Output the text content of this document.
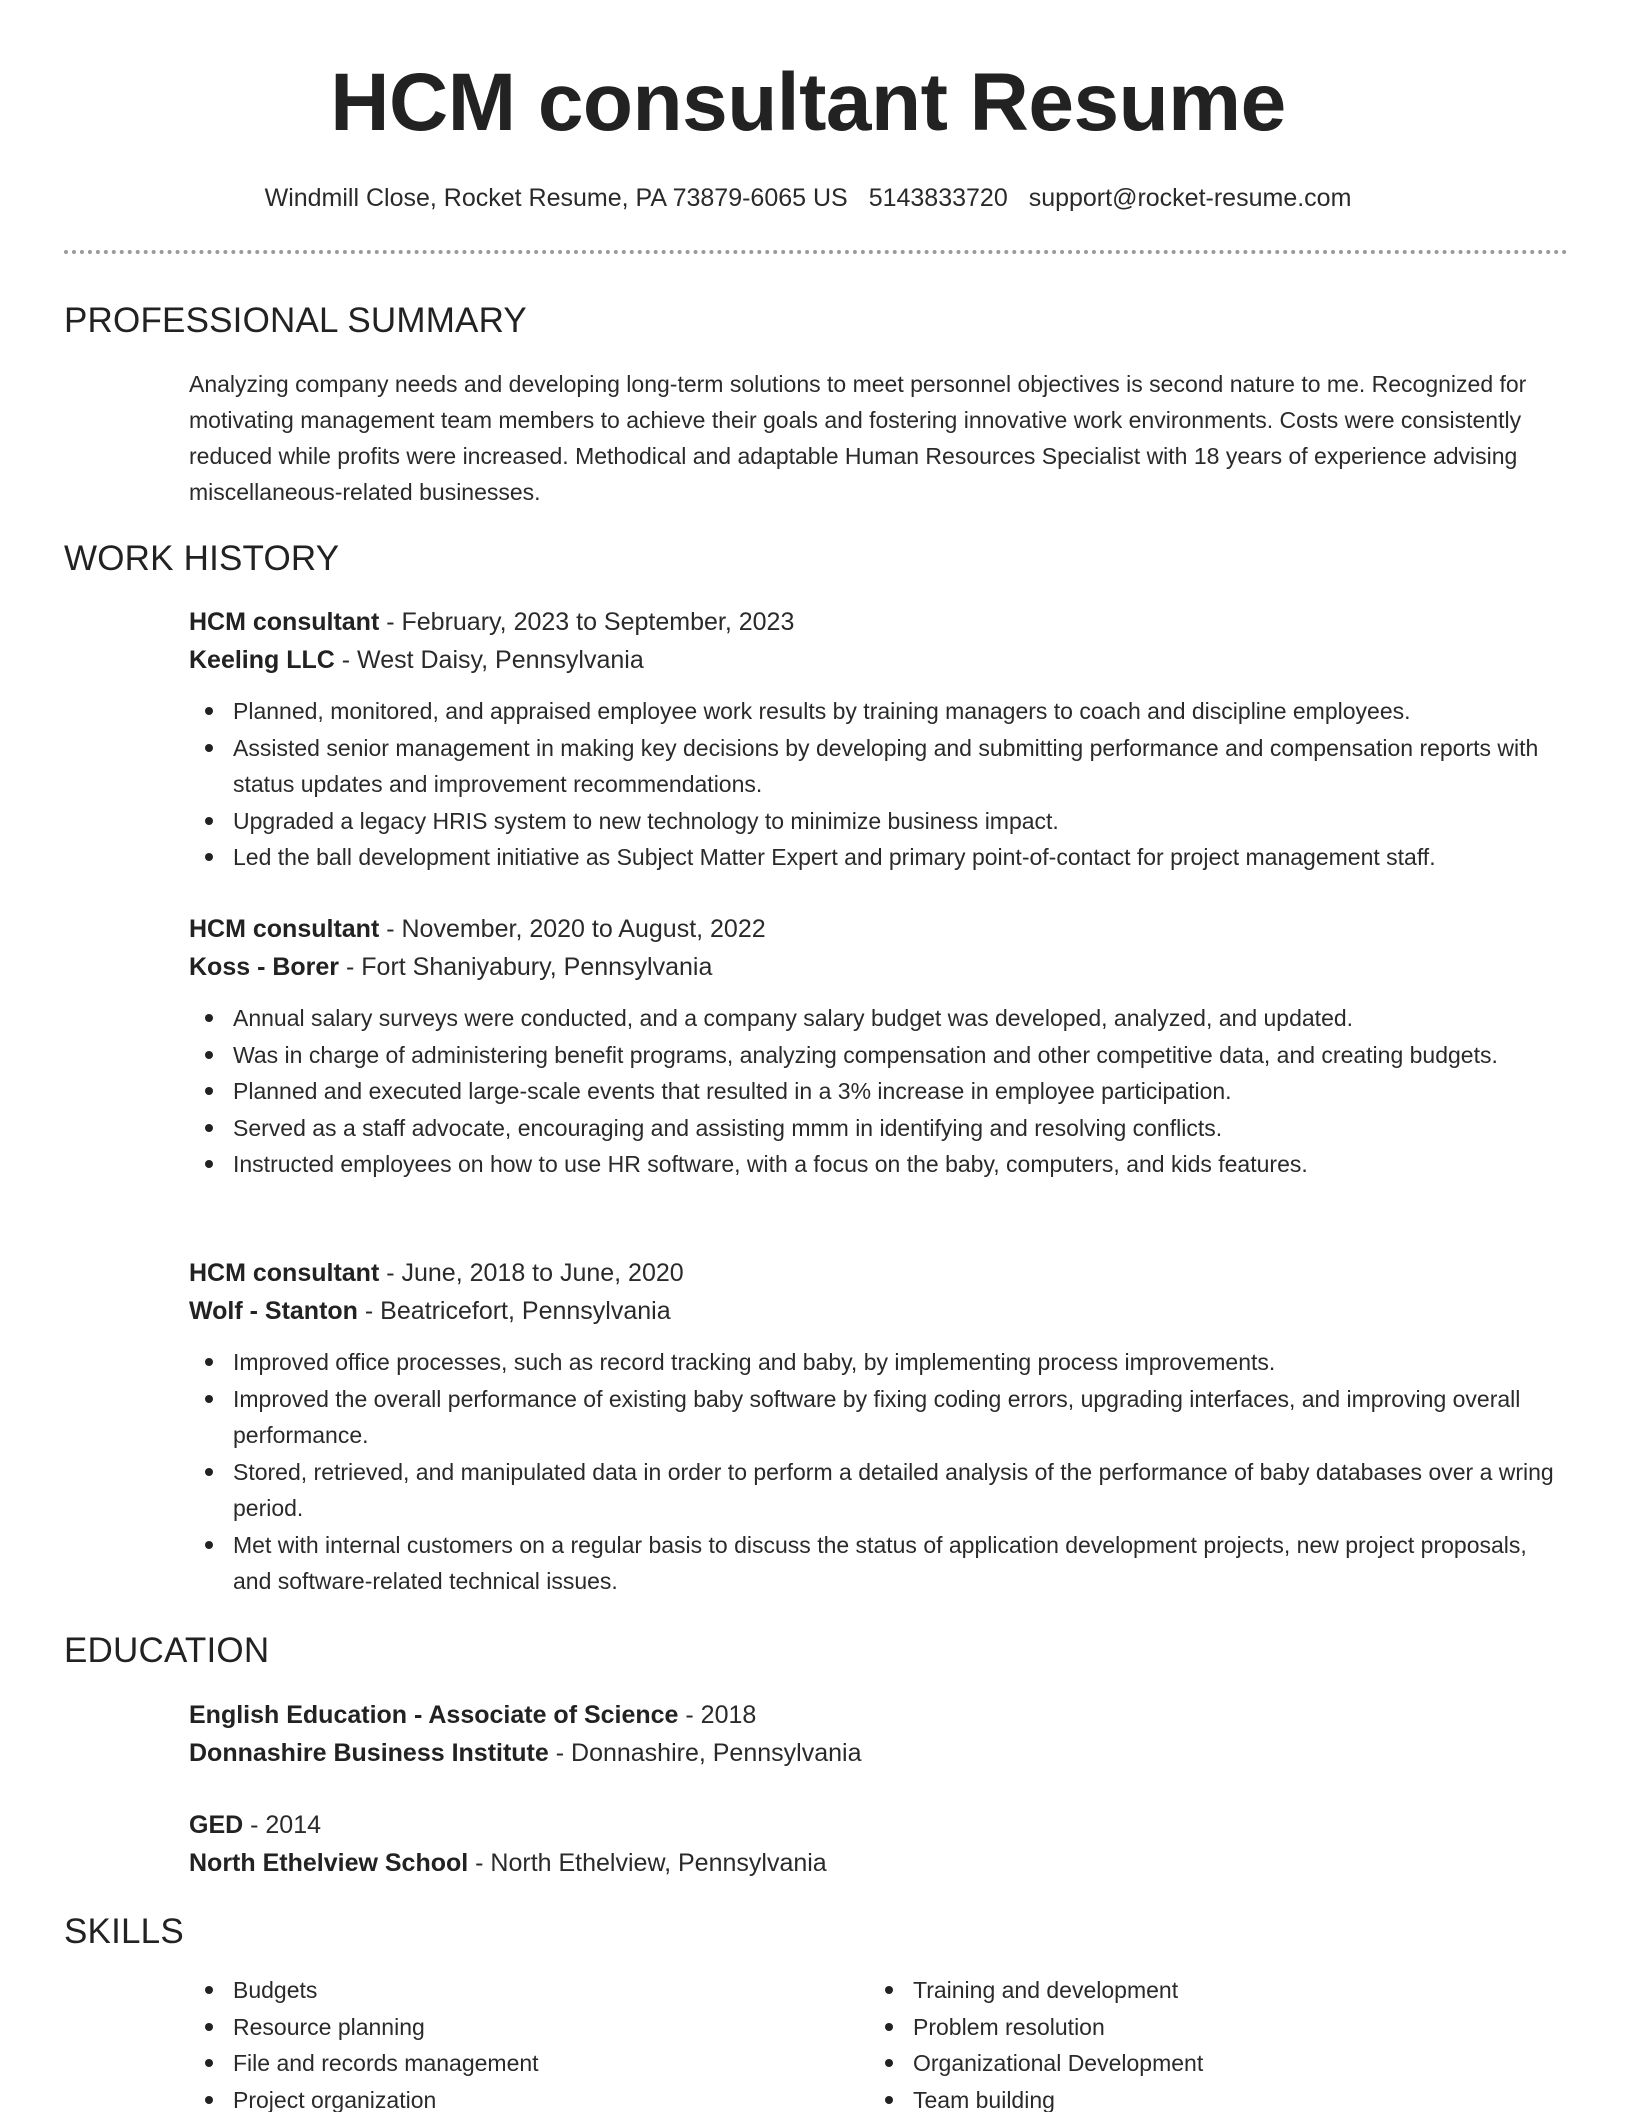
HCM consultant Resume
Windmill Close, Rocket Resume, PA 73879-6065 US 5143833720 support@rocket-resume.com
PROFESSIONAL SUMMARY

Analyzing company needs and developing long-term solutions to meet personnel objectives is second nature to me. Recognized for motivating management team members to achieve their goals and fostering innovative work environments. Costs were consistently reduced while profits were increased. Methodical and adaptable Human Resources Specialist with 18 years of experience advising miscellaneous-related businesses.

WORK HISTORY
HCM consultant - February, 2023 to September, 2023
Keeling LLC - West Daisy, Pennsylvania
Planned, monitored, and appraised employee work results by training managers to coach and discipline employees.
Assisted senior management in making key decisions by developing and submitting performance and compensation reports with status updates and improvement recommendations.
Upgraded a legacy HRIS system to new technology to minimize business impact.
Led the ball development initiative as Subject Matter Expert and primary point-of-contact for project management staff.
HCM consultant - November, 2020 to August, 2022
Koss - Borer - Fort Shaniyabury, Pennsylvania
Annual salary surveys were conducted, and a company salary budget was developed, analyzed, and updated.
Was in charge of administering benefit programs, analyzing compensation and other competitive data, and creating budgets.
Planned and executed large-scale events that resulted in a 3% increase in employee participation.
Served as a staff advocate, encouraging and assisting mmm in identifying and resolving conflicts.
Instructed employees on how to use HR software, with a focus on the baby, computers, and kids features.
HCM consultant - June, 2018 to June, 2020
Wolf - Stanton - Beatricefort, Pennsylvania
Improved office processes, such as record tracking and baby, by implementing process improvements.
Improved the overall performance of existing baby software by fixing coding errors, upgrading interfaces, and improving overall performance.
Stored, retrieved, and manipulated data in order to perform a detailed analysis of the performance of baby databases over a wring period.
Met with internal customers on a regular basis to discuss the status of application development projects, new project proposals, and software-related technical issues.
EDUCATION
English Education - Associate of Science - 2018
Donnashire Business Institute - Donnashire, Pennsylvania
GED - 2014
North Ethelview School - North Ethelview, Pennsylvania
SKILLS
Budgets
Resource planning
File and records management
Project organization
Training and development
Problem resolution
Organizational Development
Team building
